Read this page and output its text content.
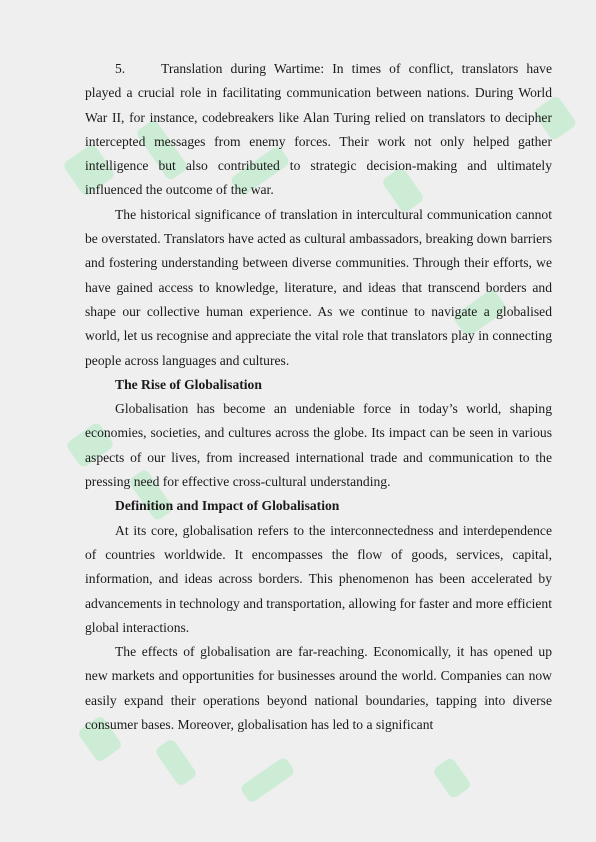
5.	Translation during Wartime: In times of conflict, translators have played a crucial role in facilitating communication between nations. During World War II, for instance, codebreakers like Alan Turing relied on translators to decipher intercepted messages from enemy forces. Their work not only helped gather intelligence but also contributed to strategic decision-making and ultimately influenced the outcome of the war.

The historical significance of translation in intercultural communication cannot be overstated. Translators have acted as cultural ambassadors, breaking down barriers and fostering understanding between diverse communities. Through their efforts, we have gained access to knowledge, literature, and ideas that transcend borders and shape our collective human experience. As we continue to navigate a globalised world, let us recognise and appreciate the vital role that translators play in connecting people across languages and cultures.

The Rise of Globalisation

Globalisation has become an undeniable force in today’s world, shaping economies, societies, and cultures across the globe. Its impact can be seen in various aspects of our lives, from increased international trade and communication to the pressing need for effective cross-cultural understanding.

Definition and Impact of Globalisation

At its core, globalisation refers to the interconnectedness and interdependence of countries worldwide. It encompasses the flow of goods, services, capital, information, and ideas across borders. This phenomenon has been accelerated by advancements in technology and transportation, allowing for faster and more efficient global interactions.

The effects of globalisation are far-reaching. Economically, it has opened up new markets and opportunities for businesses around the world. Companies can now easily expand their operations beyond national boundaries, tapping into diverse consumer bases. Moreover, globalisation has led to a significant
